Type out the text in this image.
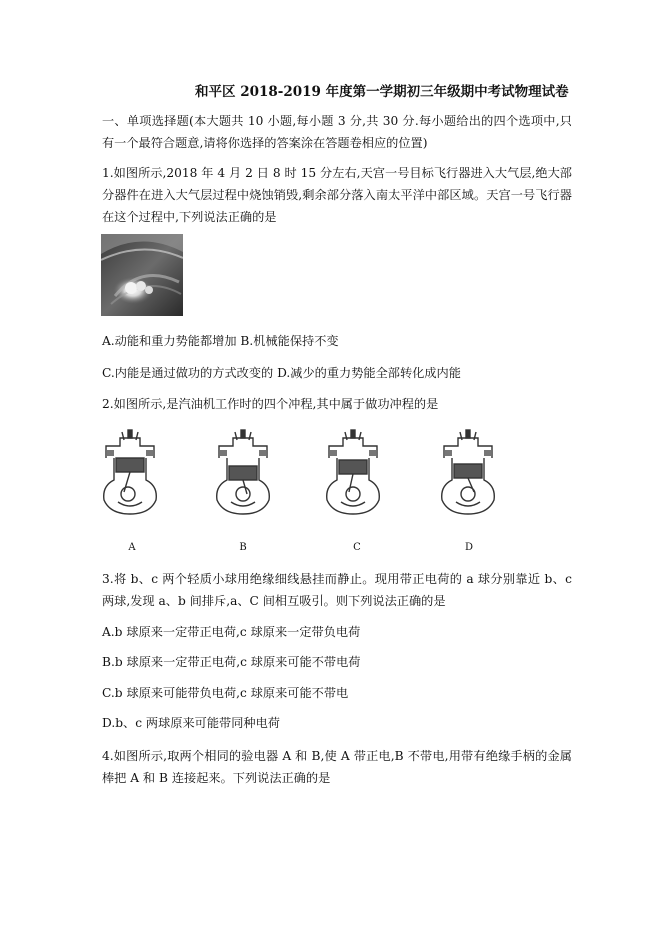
和平区 2018-2019 年度第一学期初三年级期中考试物理试卷
一、单项选择题(本大题共 10 小题,每小题 3 分,共 30 分.每小题给出的四个选项中,只有一个最符合题意,请将你选择的答案涂在答题卷相应的位置)
1.如图所示,2018 年 4 月 2 日 8 时 15 分左右,天宫一号目标飞行器进入大气层,绝大部分器件在进入大气层过程中烧蚀销毁,剩余部分落入南太平洋中部区域。天宫一号飞行器在这个过程中,下列说法正确的是
A.动能和重力势能都增加 B.机械能保持不变
C.内能是通过做功的方式改变的 D.减少的重力势能全部转化成内能
2.如图所示,是汽油机工作时的四个冲程,其中属于做功冲程的是
A	B	C	D
3.将 b、c 两个轻质小球用绝缘细线悬挂而静止。现用带正电荷的 a 球分别靠近 b、c 两球,发现 a、b 间排斥,a、C 间相互吸引。则下列说法正确的是
A.b 球原来一定带正电荷,c 球原来一定带负电荷
B.b 球原来一定带正电荷,c 球原来可能不带电荷
C.b 球原来可能带负电荷,c 球原来可能不带电
D.b、c 两球原来可能带同种电荷
4.如图所示,取两个相同的验电器 A 和 B,使 A 带正电,B 不带电,用带有绝缘手柄的金属棒把 A 和 B 连接起来。下列说法正确的是
